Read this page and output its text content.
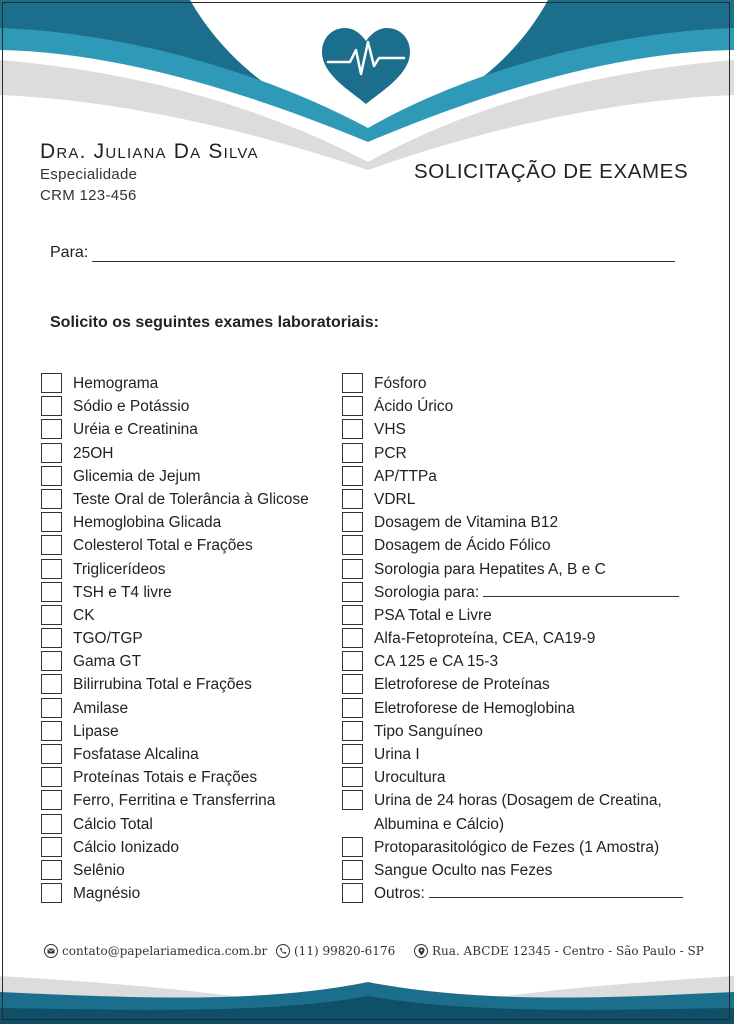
Dra. Juliana Da Silva

Especialidade

CRM 123-456

SOLICITAÇÃO DE EXAMES
Para:

Solicito os seguintes exames laboratoriais:

Hemograma
Sódio e Potássio
Uréia e Creatinina
25OH
Glicemia de Jejum
Teste Oral de Tolerância à Glicose
Hemoglobina Glicada
Colesterol Total e Frações
Triglicerídeos
TSH e T4 livre
CK
TGO/TGP
Gama GT
Bilirrubina Total e Frações
Amilase
Lipase
Fosfatase Alcalina
Proteínas Totais e Frações
Ferro, Ferritina e Transferrina
Cálcio Total
Cálcio Ionizado
Selênio
Magnésio
Fósforo
Ácido Úrico
VHS
PCR
AP/TTPa
VDRL
Dosagem de Vitamina B12
Dosagem de Ácido Fólico
Sorologia para Hepatites A, B e C
Sorologia para:
PSA Total e Livre
Alfa-Fetoproteína, CEA, CA19-9
CA 125 e CA 15-3
Eletroforese de Proteínas
Eletroforese de Hemoglobina
Tipo Sanguíneo
Urina I
Urocultura
Urina de 24 horas (Dosagem de Creatina, Albumina e Cálcio)
Protoparasitológico de Fezes (1 Amostra)
Sangue Oculto nas Fezes
Outros:
contato@papelariamedica.com.br (11) 99820-6176	Rua. ABCDE 12345 - Centro - São Paulo - SP
